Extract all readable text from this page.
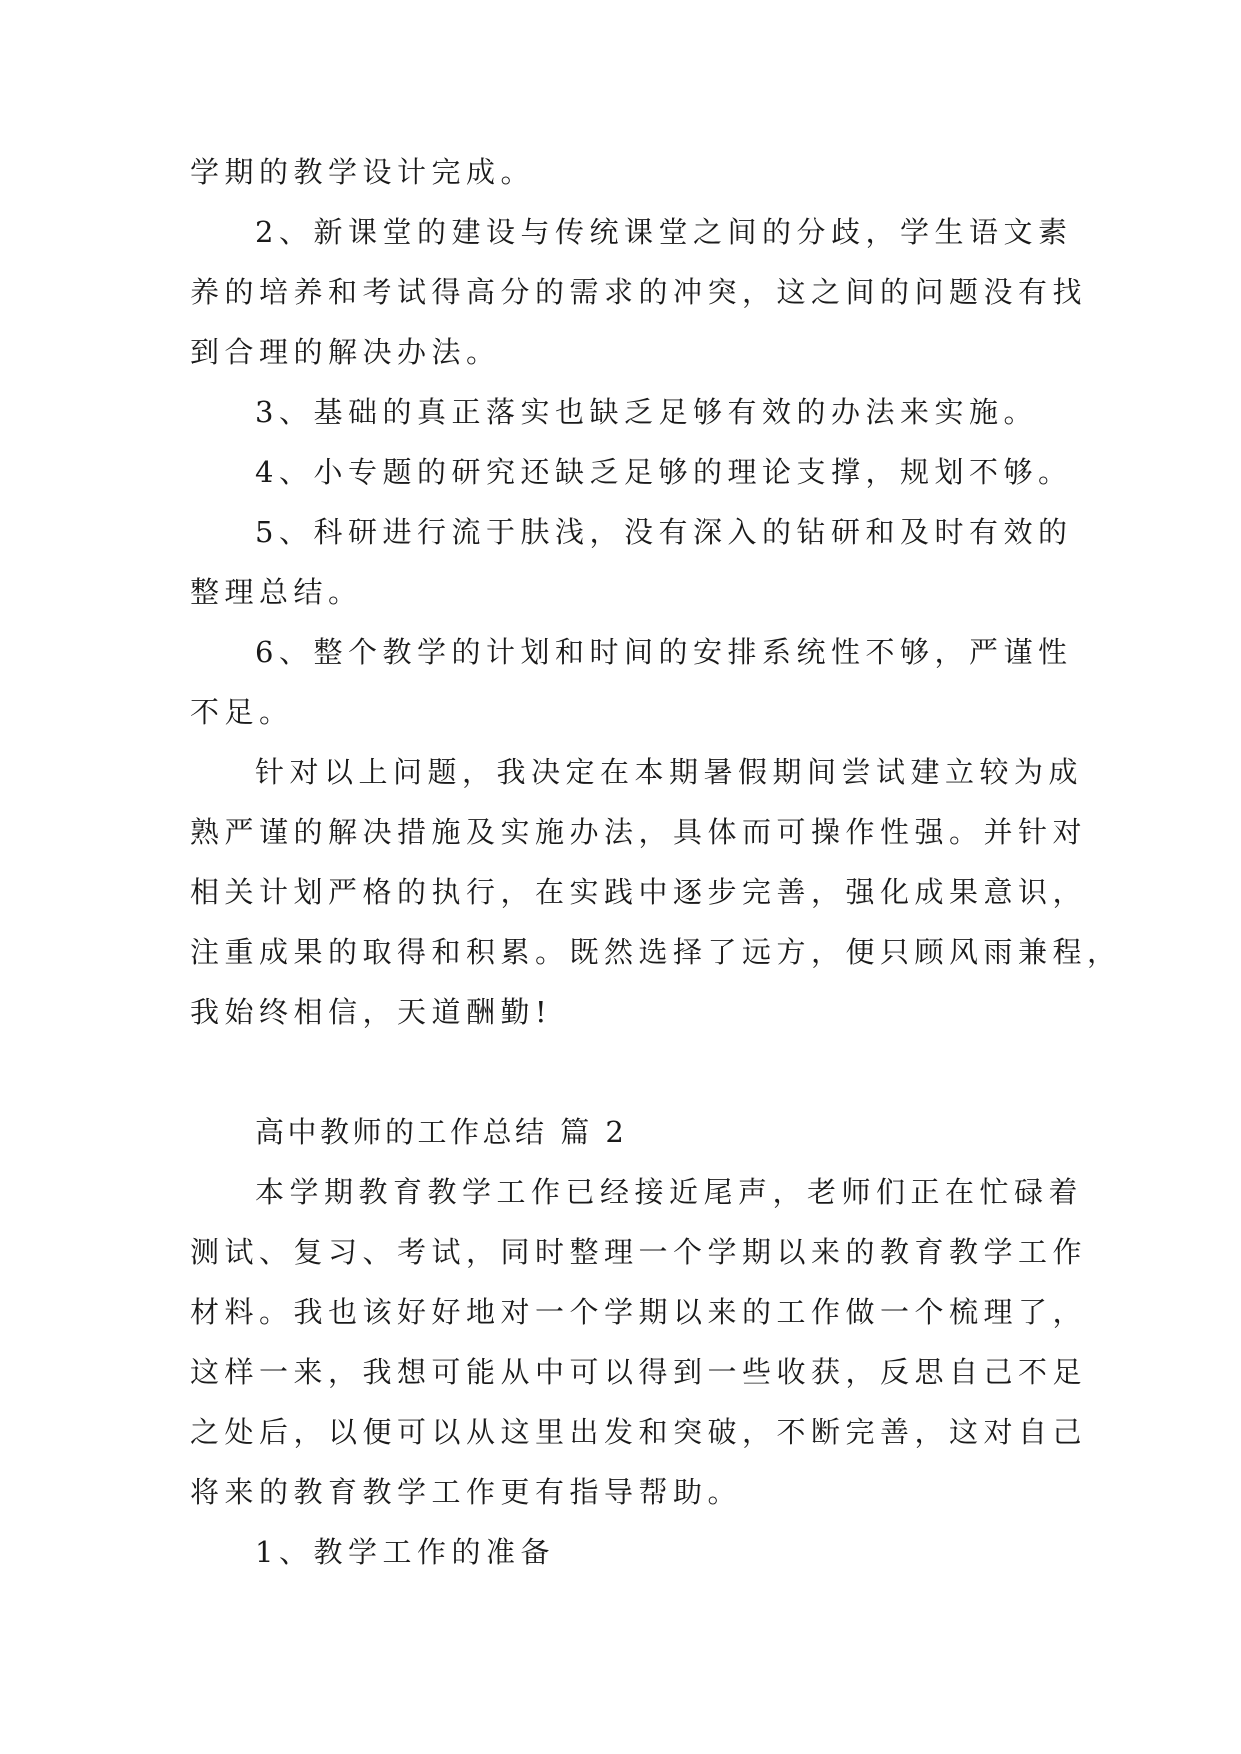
学期的教学设计完成。

2、新课堂的建设与传统课堂之间的分歧，学生语文素

养的培养和考试得高分的需求的冲突，这之间的问题没有找

到合理的解决办法。

3、基础的真正落实也缺乏足够有效的办法来实施。

4、小专题的研究还缺乏足够的理论支撑，规划不够。

5、科研进行流于肤浅，没有深入的钻研和及时有效的

整理总结。

6、整个教学的计划和时间的安排系统性不够，严谨性

不足。

针对以上问题，我决定在本期暑假期间尝试建立较为成

熟严谨的解决措施及实施办法，具体而可操作性强。并针对

相关计划严格的执行，在实践中逐步完善，强化成果意识，

注重成果的取得和积累。既然选择了远方，便只顾风雨兼程，

我始终相信，天道酬勤!

高中教师的工作总结 篇 2

本学期教育教学工作已经接近尾声，老师们正在忙碌着

测试、复习、考试，同时整理一个学期以来的教育教学工作

材料。我也该好好地对一个学期以来的工作做一个梳理了，

这样一来，我想可能从中可以得到一些收获，反思自己不足

之处后，以便可以从这里出发和突破，不断完善，这对自己

将来的教育教学工作更有指导帮助。

1、教学工作的准备
